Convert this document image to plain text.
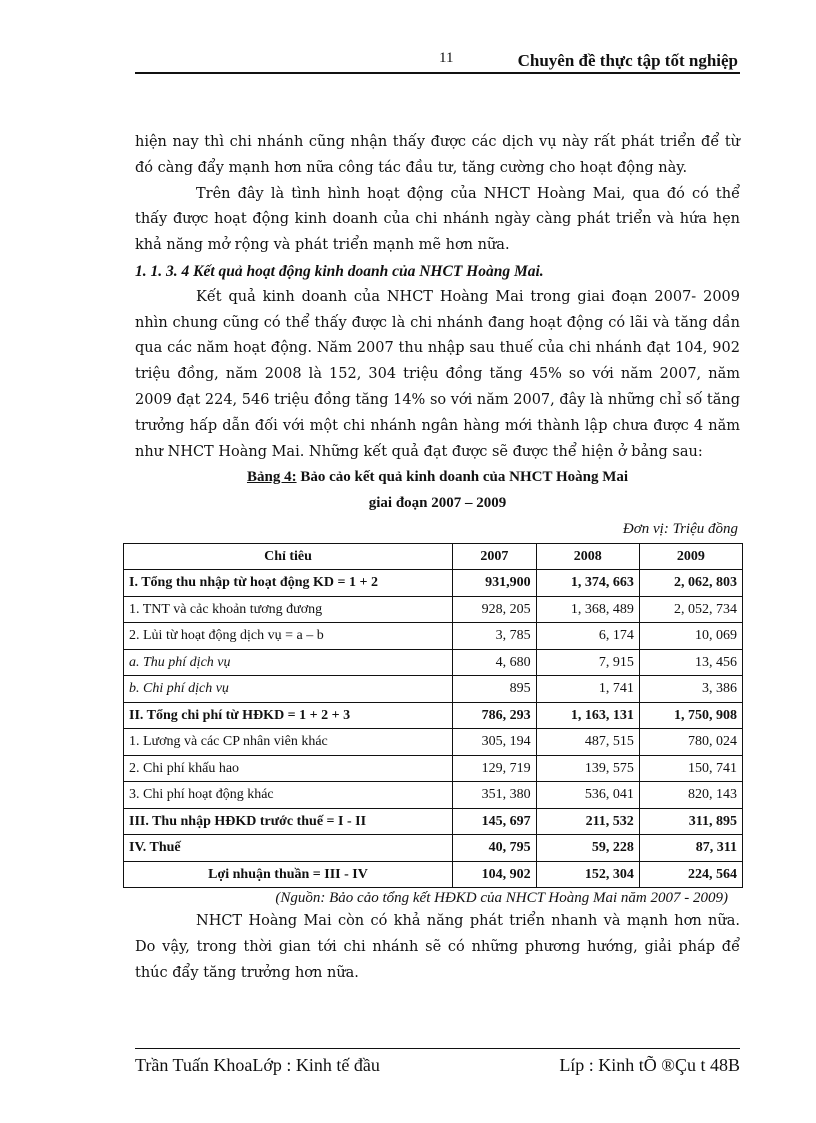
11	Chuyên đề thực tập tốt nghiệp

hiện nay thì chi nhánh cũng nhận thấy được các dịch vụ này rất phát triển để từ đó càng đẩy mạnh hơn nữa công tác đầu tư, tăng cường cho hoạt động này.

Trên đây là tình hình hoạt động của NHCT Hoàng Mai, qua đó có thể thấy được hoạt động kinh doanh của chi nhánh ngày càng phát triển và hứa hẹn khả năng mở rộng và phát triển mạnh mẽ hơn nữa.

1. 1. 3. 4 Kết quả hoạt động kinh doanh của NHCT Hoàng Mai.

Kết quả kinh doanh của NHCT Hoàng Mai trong giai đoạn 2007- 2009 nhìn chung cũng có thể thấy được là chi nhánh đang hoạt động có lãi và tăng dần qua các năm hoạt động. Năm 2007 thu nhập sau thuế của chi nhánh đạt 104, 902 triệu đồng, năm 2008 là 152, 304 triệu đồng tăng 45% so với năm 2007, năm 2009 đạt 224, 546 triệu đồng tăng 14% so với năm 2007, đây là những chỉ số tăng trưởng hấp dẫn đối với một chi nhánh ngân hàng mới thành lập chưa được 4 năm như NHCT Hoàng Mai. Những kết quả đạt được sẽ được thể hiện ở bảng sau:

Bảng 4: Bảo cảo kết quả kinh doanh của NHCT Hoàng Mai
giai đoạn 2007 – 2009
Đơn vị: Triệu đồng
Chỉ tiêu	2007	2008	2009
I. Tổng thu nhập từ hoạt động KD = 1 + 2	931,900	1, 374, 663	2, 062, 803
1. TNT và cảc khoản tương đương	928, 205	1, 368, 489	2, 052, 734
2. Lủi từ hoạt động dịch vụ = a – b	3, 785	6, 174	10, 069
a. Thu phí dịch vụ	4, 680	7, 915	13, 456
b. Chi phí dịch vụ	895	1, 741	3, 386
II. Tổng chi phí từ HĐKD = 1 + 2 + 3	786, 293	1, 163, 131	1, 750, 908
1. Lương và các CP nhân viên khác	305, 194	487, 515	780, 024
2. Chi phí khấu hao	129, 719	139, 575	150, 741
3. Chi phí hoạt động khác	351, 380	536, 041	820, 143
III. Thu nhập HĐKD trước thuế = I - II	145, 697	211, 532	311, 895
IV. Thuế	40, 795	59, 228	87, 311
Lợi nhuận thuần = III - IV	104, 902	152, 304	224, 564
(Nguồn: Bảo cảo tổng kết HĐKD của NHCT Hoàng Mai năm 2007 - 2009)

NHCT Hoàng Mai còn có khả năng phát triển nhanh và mạnh hơn nữa. Do vậy, trong thời gian tới chi nhánh sẽ có những phương hướng, giải pháp để thúc đẩy tăng trưởng hơn nữa.

Trần Tuấn KhoaLớp : Kinh tế đầu	Líp : Kinh tÕ ®Çu t 48B
